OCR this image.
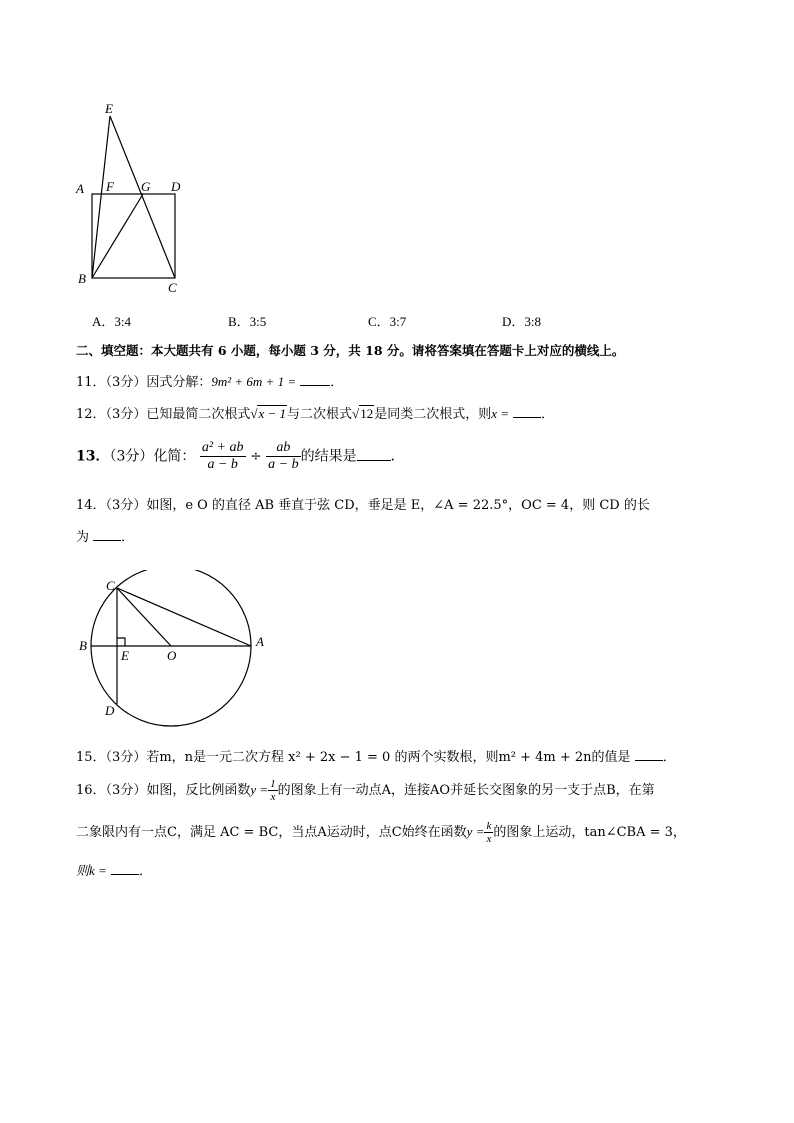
E
A F G D
B
C
A．3:4	B．3:5	C．3:7	D．3:8
二、填空题：本大题共有 6 小题，每小题 3 分，共 18 分。请将答案填在答题卡上对应的横线上。
11．（3分）因式分解：9m² + 6m + 1 =	．
12．（3分）已知最简二次根式√x − 1与二次根式√12是同类二次根式，则x = ．
13．（3分）化简： $\frac{\text{a² + ab}}{a - b} \div \frac{ab}{a - b}$ 的结果是 ．
14．（3分）如图，e O 的直径 AB 垂直于弦 CD，垂足是 E，∠A = 22.5°，OC = 4，则 CD 的长
为 ．
C
B
E	O
A
D
15．（3分）若m，n是一元二次方程 x² + 2x − 1 = 0 的两个实数根，则m² + 4m + 2n的值是 ．
16．（3分）如图，反比例函数$y = \frac{1}{x}$ 的图象上有一动点A，连接AO并延长交图象的另一支于点B，在第
二象限内有一点C，满足 AC = BC，当点A运动时，点C始终在函数$y = \frac{k}{x}$ 的图象上运动，tan∠CBA = 3，
则k = ．
